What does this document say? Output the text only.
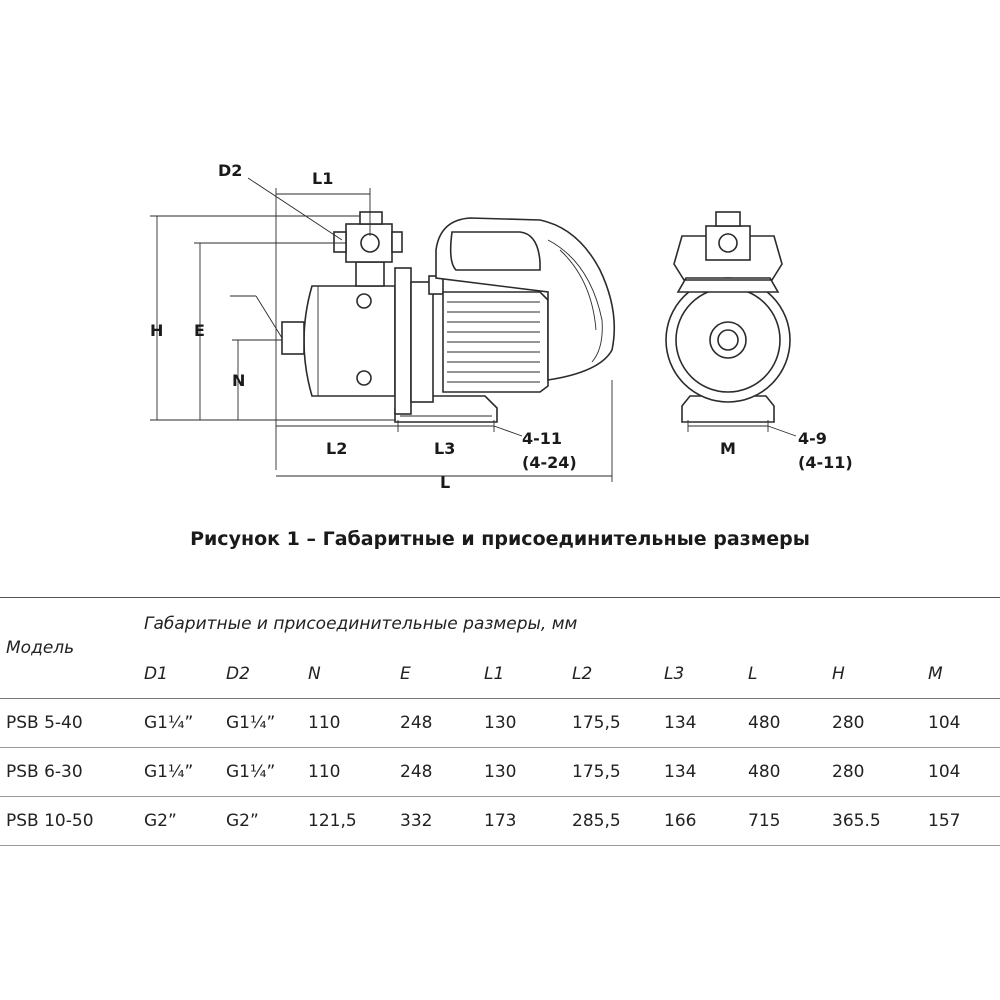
D2	L1
H E
N
L2	L3
L
4-11
(4-24)
M
4-9
(4-11)
Рисунок 1 – Габаритные и присоединительные размеры
Модель	Габаритные и присоединительные размеры, мм									
	D1	D2	N	E	L1	L2	L3	L	H	M
PSB 5-40	G1¼”	G1¼”	110	248	130	175,5	134	480	280	104
PSB 6-30	G1¼”	G1¼”	110	248	130	175,5	134	480	280	104
PSB 10-50	G2”	G2”	121,5	332	173	285,5	166	715	365.5	157
